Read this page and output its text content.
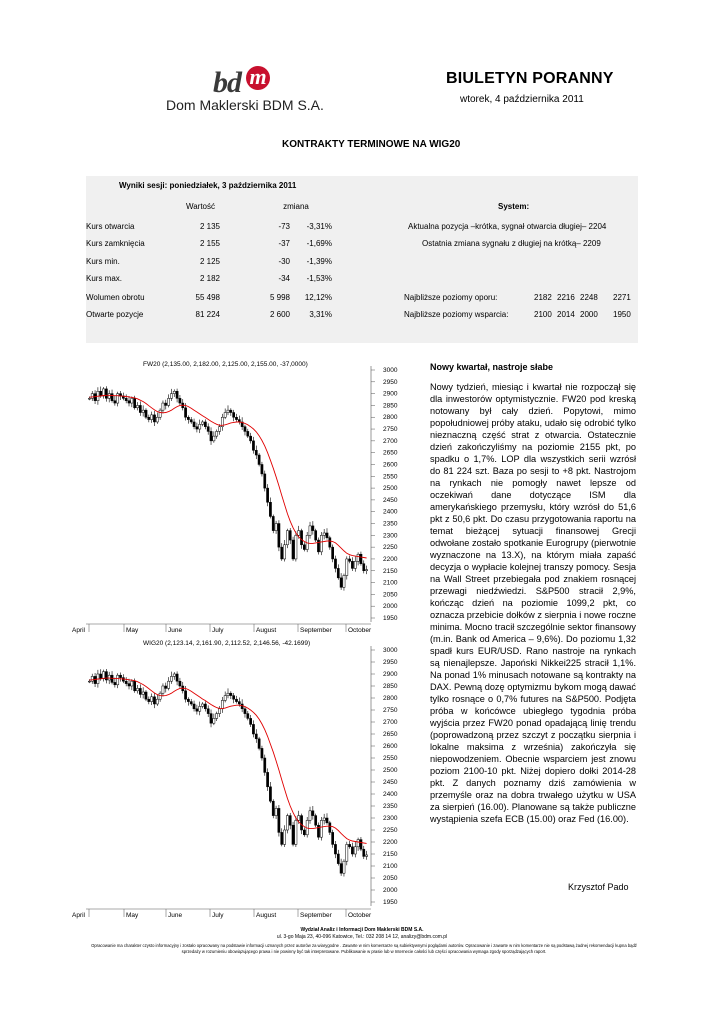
bd m
Dom Maklerski BDM S.A.
BIULETYN PORANNY
wtorek, 4 października 2011
KONTRAKTY TERMINOWE NA WIG20
Wyniki sesji: poniedziałek, 3 października 2011
Wartość	zmiana	System:
Kurs otwarcia	2 135	-73	-3,31%
Kurs zamknięcia	2 155	-37	-1,69%
Kurs min.	2 125	-30	-1,39%
Kurs max.	2 182	-34	-1,53%
Wolumen obrotu	55 498	5 998	12,12%
Otwarte pozycje	81 224	2 600	3,31%
Aktualna pozycja –krótka, sygnał otwarcia długiej– 2204
Ostatnia zmiana sygnału z długiej na krótką– 2209
Najbliższe poziomy oporu:	2182 2216 2248 2271
Najbliższe poziomy wsparcia:	2100 2014 2000 1950
FW20 (2,135.00, 2,182.00, 2,125.00, 2,155.00, -37,0000)
1950
2000
2050
2100
2150
2200
2250
2300
2350
2400
2450
2500
2550
2600
2650
2700
2750
2800
2850
2900
2950
3000
April	May	June	July	August	September October
WIG20 (2,123.14, 2,161.90, 2,112.52, 2,146.56, -42.1699)
1950
2000
2050
2100
2150
2200
2250
2300
2350
2400
2450
2500
2550
2600
2650
2700
2750
2800
2850
2900
2950
3000
April	May	June	July	August	September October
Nowy kwartał, nastroje słabe
Nowy tydzień, miesiąc i kwartał nie rozpoczął się dla inwestorów optymistycznie. FW20 pod kreską notowany był cały dzień. Popytowi, mimo popołudniowej próby ataku, udało się odrobić tylko nieznaczną część strat z otwarcia. Ostatecznie dzień zakończyliśmy na poziomie 2155 pkt, po spadku o 1,7%. LOP dla wszystkich serii wzrósł do 81 224 szt. Baza po sesji to +8 pkt. Nastrojom na rynkach nie pomogły nawet lepsze od oczekiwań dane dotyczące ISM dla amerykańskiego przemysłu, który wzrósł do 51,6 pkt z 50,6 pkt. Do czasu przygotowania raportu na temat bieżącej sytuacji finansowej Grecji odwołane zostało spotkanie Eurogrupy (pierwotnie wyznaczone na 13.X), na którym miała zapaść decyzja o wypłacie kolejnej transzy pomocy. Sesja na Wall Street przebiegała pod znakiem rosnącej przewagi niedźwiedzi. S&P500 stracił 2,9%, kończąc dzień na poziomie 1099,2 pkt, co oznacza przebicie dołków z sierpnia i nowe roczne minima. Mocno tracił szczególnie sektor finansowy (m.in. Bank od America – 9,6%). Do poziomu 1,32 spadł kurs EUR/USD. Rano nastroje na rynkach są nienajlepsze. Japoński Nikkei225 stracił 1,1%. Na ponad 1% minusach notowane są kontrakty na DAX. Pewną dozę optymizmu bykom mogą dawać tylko rosnące o 0,7% futures na S&P500. Podjęta próba w końcówce ubiegłego tygodnia próba wyjścia przez FW20 ponad opadającą linię trendu (poprowadzoną przez szczyt z początku sierpnia i lokalne maksima z września) zakończyła się niepowodzeniem. Obecnie wsparciem jest znowu poziom 2100-10 pkt. Niżej dopiero dołki 2014-28 pkt. Z danych poznamy dziś zamówienia w przemyśle oraz na dobra trwałego użytku w USA za sierpień (16.00). Planowane są także publiczne wystąpienia szefa ECB (15.00) oraz Fed (16.00).
Krzysztof Pado
Wydział Analiz i Informacji Dom Maklerski BDM S.A.
ul. 3-go Maja 23, 40-096 Katowice, Tel.: 032 208 14 12, analizy@bdm.com.pl
Opracowanie ma charakter czysto informacyjny i zostało opracowany na podstawie informacji uznanych przez autorów za wiarygodne . Zawarte w nim komentarze są subiektywnymi poglądami autorów. Opracowanie i zawarte w nim komentarze nie są podstawą żadnej rekomendacji kupna bądź sprzedaży w rozumieniu obowiązującego prawa i nie powinny być tak interpretowane. Publikowanie w prasie lub w Internecie całości lub części opracowania wymaga zgody sporządzających raport.
